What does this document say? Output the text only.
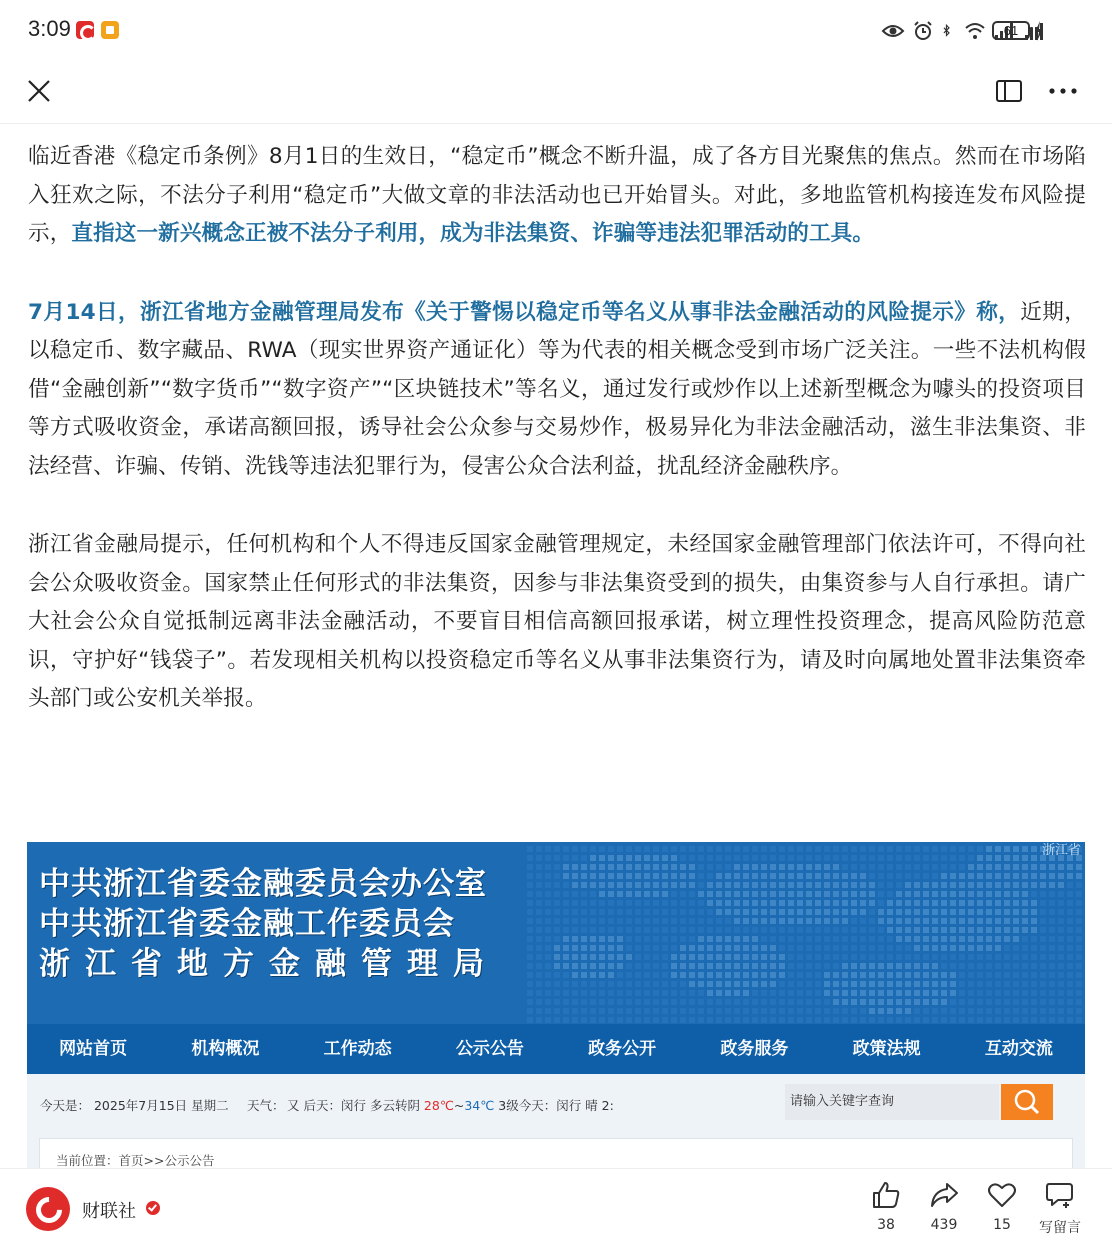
3:09	61

临近香港《稳定币条例》8月1日的生效日，“稳定币”概念不断升温，成了各方目光聚焦的焦点。然而在市场陷入狂欢之际，不法分子利用“稳定币”大做文章的非法活动也已开始冒头。对此，多地监管机构接连发布风险提示，直指这一新兴概念正被不法分子利用，成为非法集资、诈骗等违法犯罪活动的工具。

7月14日，浙江省地方金融管理局发布《关于警惕以稳定币等名义从事非法金融活动的风险提示》称，近期，以稳定币、数字藏品、RWA（现实世界资产通证化）等为代表的相关概念受到市场广泛关注。一些不法机构假借“金融创新”“数字货币”“数字资产”“区块链技术”等名义，通过发行或炒作以上述新型概念为噱头的投资项目等方式吸收资金，承诺高额回报，诱导社会公众参与交易炒作，极易异化为非法金融活动，滋生非法集资、非法经营、诈骗、传销、洗钱等违法犯罪行为，侵害公众合法利益，扰乱经济金融秩序。

浙江省金融局提示，任何机构和个人不得违反国家金融管理规定，未经国家金融管理部门依法许可，不得向社会公众吸收资金。国家禁止任何形式的非法集资，因参与非法集资受到的损失，由集资参与人自行承担。请广大社会公众自觉抵制远离非法金融活动，不要盲目相信高额回报承诺，树立理性投资理念，提高风险防范意识，守护好“钱袋子”。若发现相关机构以投资稳定币等名义从事非法集资行为，请及时向属地处置非法集资牵头部门或公安机关举报。

中共浙江省委金融委员会办公室
中共浙江省委金融工作委员会
浙江省地方金融管理局
浙江省
网站首页	机构概况	工作动态	公示公告	政务公开	政务服务	政策法规	互动交流
今天是： 2025年7月15日 星期二 天气： 又 后天：闵行 多云转阴 28℃~34℃ 3级今天：闵行 晴 2:	请输入关键字查询
当前位置：首页>>公示公告
财联社
38	439	15	写留言
